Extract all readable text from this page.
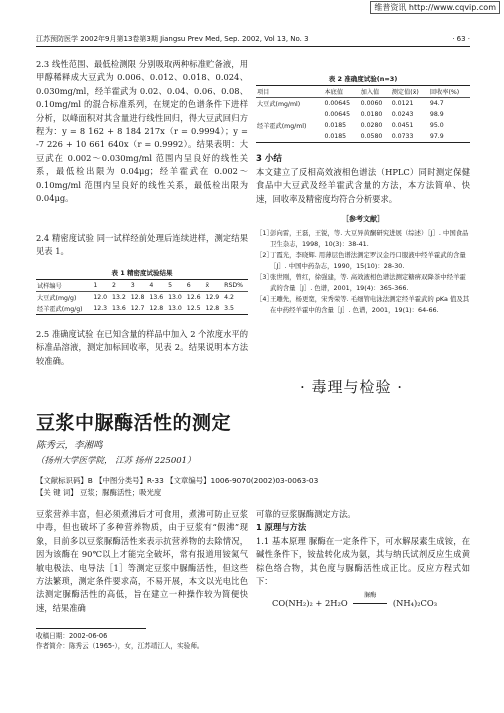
维普资讯 http://www.cqvip.com
江苏预防医学 2002年9月第13卷第3期 Jiangsu Prev Med, Sep. 2002, Vol 13, No. 3	· 63 ·

2.3 线性范围、最低检测限 分别吸取两种标准贮备液，用甲醇稀释成大豆武为 0.006、0.012、0.018、0.024、0.030mg/ml，经羊霍武为 0.02、0.04、0.06、0.08、0.10mg/ml 的混合标准系列，在规定的色谱条件下进样分析，以峰面积对其含量进行线性回归，得大豆武回归方程为：y = 8 162 + 8 184 217x（r = 0.9994）；y = -7 226 + 10 661 640x（r = 0.9992）。结果表明：大豆武在 0.002～0.030mg/ml 范围内呈良好的线性关系，最低检出限为 0.04μg；经羊霍武在 0.002～0.10mg/ml 范围内呈良好的线性关系，最低检出限为 0.04μg。

2.4 精密度试验 同一试样经前处理后连续进样，测定结果见表 1。

表 1 精密度试验结果
试样编号	1	2	3	4	5	6	x̄	RSD%
大豆武(mg/g)	12.0	13.2	12.8	13.6	13.0	12.6	12.9	4.2
经羊霍武(mg/g)	12.3	13.6	12.7	12.8	13.0	12.5	12.8	3.5

2.5 准确度试验 在已知含量的样品中加入 2 个浓度水平的标准品溶液，测定加标回收率，见表 2。结果说明本方法较准确。

表 2 准确度试验(n=3)
项目	本底值	加入值	测定值(x̄)	回收率(%)
大豆武(mg/ml)	0.00645	0.0060	0.0121	94.7
	0.00645	0.0180	0.0243	98.9
经羊霍武(mg/ml)	0.0185	0.0280	0.0451	95.0
	0.0185	0.0580	0.0733	97.9
3 小结

本文建立了反相高效液相色谱法（HPLC）同时测定保健食品中大豆武及经羊霍武含量的方法，本方法简单、快速，回收率及精密度均符合分析要求。

［参考文献］
［1］
彭向雷，王磊，王锐，等. 大豆异黄酮研究进展（综述）［J］. 中国食品卫生杂志，1998，10(3)：38-41.
［2］
丁霞光，李晓辉. 用薄层色谱法测定罗汉金丹口服液中经羊霍武的含量［J］. 中国中药杂志，1990，15(10)：28-30.
［3］
张世刚，曾红，徐强建，等. 高效液相色谱法测定糖痹双降茶中经羊霍武的含量［J］. 色谱，2001，19(4)：365-366.
［4］
王雕先，杨更宽，宋秀荣等. 毛细管电泳法测定经羊霍武的 pKa 值及其在中药经羊霍中的含量［J］. 色谱，2001，19(1)：64-66.
· 毒理与检验 ·
豆浆中脲酶活性的测定
陈秀云，李湘鸣
（扬州大学医学院， 江苏 扬州 225001）
【文献标识码】B 【中图分类号】R-33 【文章编号】1006-9070(2002)03-0063-03
【关 键 词】 豆浆；脲酶活性；吸光度

豆浆营养丰富，但必须煮沸后才可食用，煮沸可防止豆浆中毒，但也破坏了多种营养物质，由于豆浆有“假沸”现象，目前多以豆浆脲酶活性来表示抗营养物的去除情况，因为该酶在 90℃以上才能完全破坏，常有报道用铵氮气敏电极法、电导法［1］等测定豆浆中脲酶活性，但这些方法繁琐，测定条件要求高，不易开展，本文以光电比色法测定脲酶活性的高低，旨在建立一种操作较为简便快速，结果准确

可靠的豆浆脲酶测定方法。

1 原理与方法

1.1 基本原理 脲酶在一定条件下，可水解尿素生成铵，在碱性条件下，铵盐转化成为氨，其与纳氏试剂反应生成黄棕色络合物，其色度与脲酶活性成正比。反应方程式如下：

CO(NH₂)₂ + 2H₂O
脲酶
(NH₄)₂CO₃
收稿日期：2002-06-06
作者简介：陈秀云（1965-），女，江苏靖江人，实验师。
